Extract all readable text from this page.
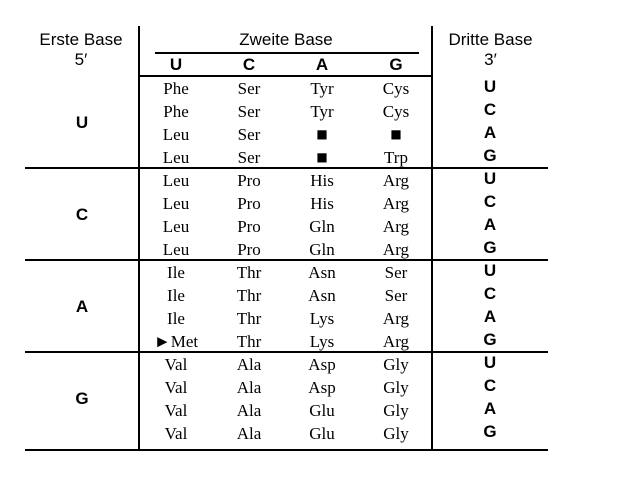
Erste Base
5′
Zweite Base	Dritte Base
3′
U	C	A	G
U
Phe	Ser	Tyr	Cys	U
Phe	Ser	Tyr	Cys	C
Leu	Ser	■	■	A
Leu	Ser	■	Trp	G
C
Leu	Pro	His	Arg	U
Leu	Pro	His	Arg	C
Leu	Pro	Gln	Arg	A
Leu	Pro	Gln	Arg	G
A
Ile	Thr	Asn	Ser	U
Ile	Thr	Asn	Ser	C
Ile	Thr	Lys	Arg	A
►Met	Thr	Lys	Arg	G
G
Val	Ala	Asp	Gly	U
Val	Ala	Asp	Gly	C
Val	Ala	Glu	Gly	A
Val	Ala	Glu	Gly	G
